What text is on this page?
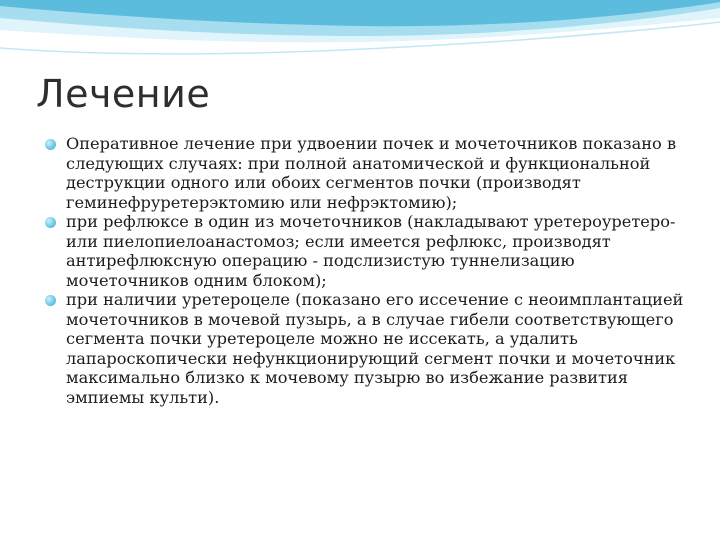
Лечение
Оперативное лечение при удвоении почек и мочеточников показано в следующих случаях: при полной анатомической и функциональной деструкции одного или обоих сегментов почки (производят геминефруретерэктомию или нефрэктомию);
при рефлюксе в один из мочеточников (накладывают уретероуретеро- или пиелопиелоанастомоз; если имеется рефлюкс, производят антирефлюксную операцию - подслизистую туннелизацию мочеточников одним блоком);
при наличии уретероцеле (показано его иссечение с неоимплантацией мочеточников в мочевой пузырь, а в случае гибели соответствующего сегмента почки уретероцеле можно не иссекать, а удалить лапароскопически нефункционирующий сегмент почки и мочеточник максимально близко к мочевому пузырю во избежание развития эмпиемы культи).
